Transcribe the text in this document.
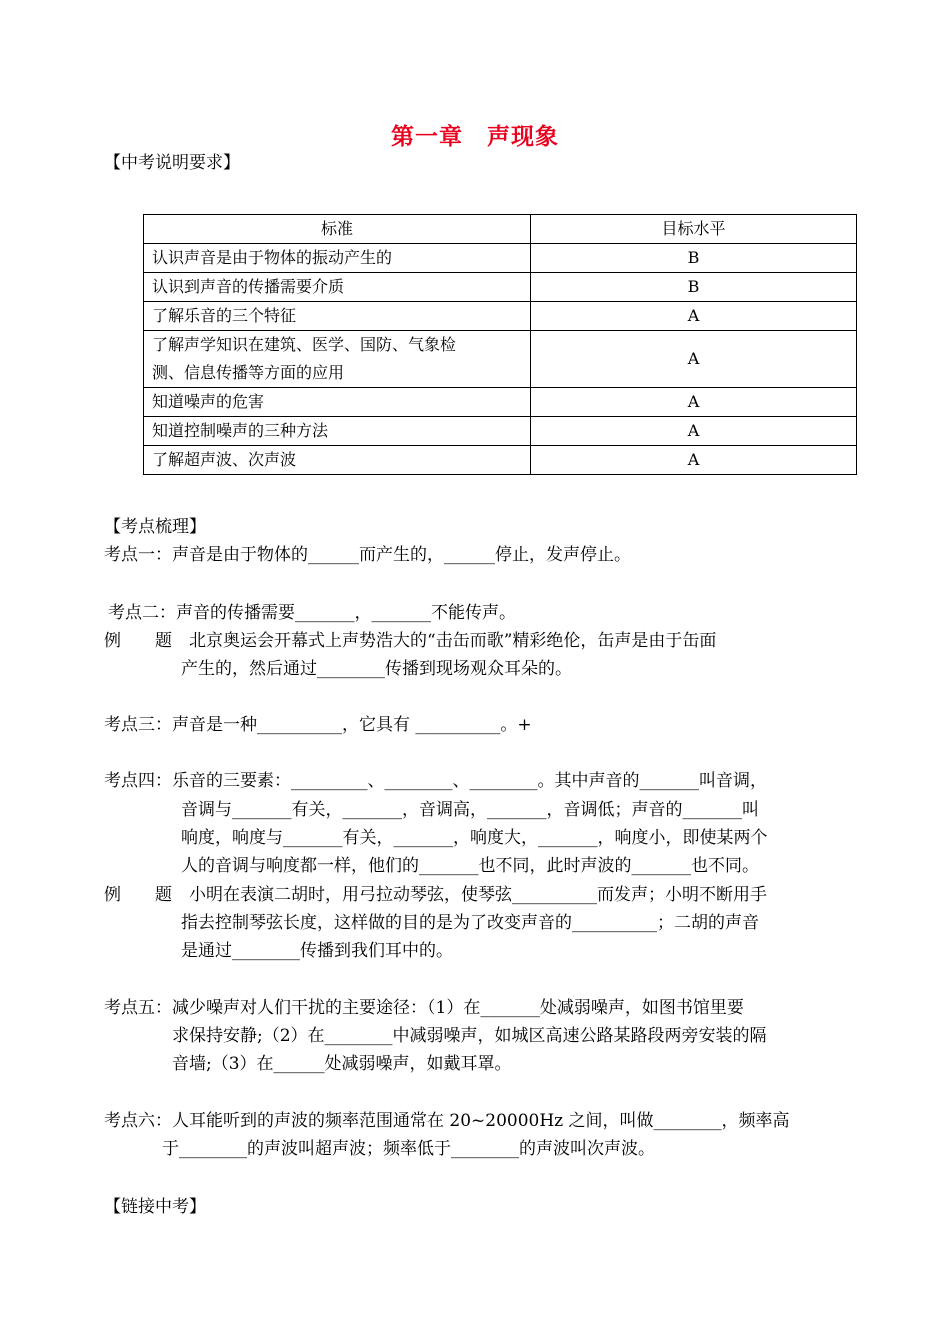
第一章　声现象
【中考说明要求】
标准	目标水平
认识声音是由于物体的振动产生的	B
认识到声音的传播需要介质	B
了解乐音的三个特征	A

了解声学知识在建筑、医学、国防、气象检
测、信息传播等方面的应用	A
知道噪声的危害	A
知道控制噪声的三种方法	A
了解超声波、次声波	A
【考点梳理】
考点一：声音是由于物体的______而产生的，______停止，发声停止。
考点二：声音的传播需要_______，_______不能传声。
例　　题　北京奥运会开幕式上声势浩大的“击缶而歌”精彩绝伦，缶声是由于缶面
产生的，然后通过________传播到现场观众耳朵的。
考点三：声音是一种__________，它具有 __________。+
考点四：乐音的三要素：_________、________、________。其中声音的_______叫音调，
音调与_______有关，_______，音调高，_______，音调低；声音的_______叫
响度，响度与_______有关，_______，响度大，_______，响度小，即使某两个
人的音调与响度都一样，他们的_______也不同，此时声波的_______也不同。
例　　题　小明在表演二胡时，用弓拉动琴弦，使琴弦__________而发声；小明不断用手
指去控制琴弦长度，这样做的目的是为了改变声音的__________；二胡的声音
是通过________传播到我们耳中的。
考点五：减少噪声对人们干扰的主要途径：（1）在_______处减弱噪声，如图书馆里要
求保持安静;（2）在________中减弱噪声，如城区高速公路某路段两旁安装的隔
音墙;（3）在______处减弱噪声，如戴耳罩。
考点六：人耳能听到的声波的频率范围通常在 20~20000Hz 之间，叫做________，频率高
于________的声波叫超声波；频率低于________的声波叫次声波。
【链接中考】
